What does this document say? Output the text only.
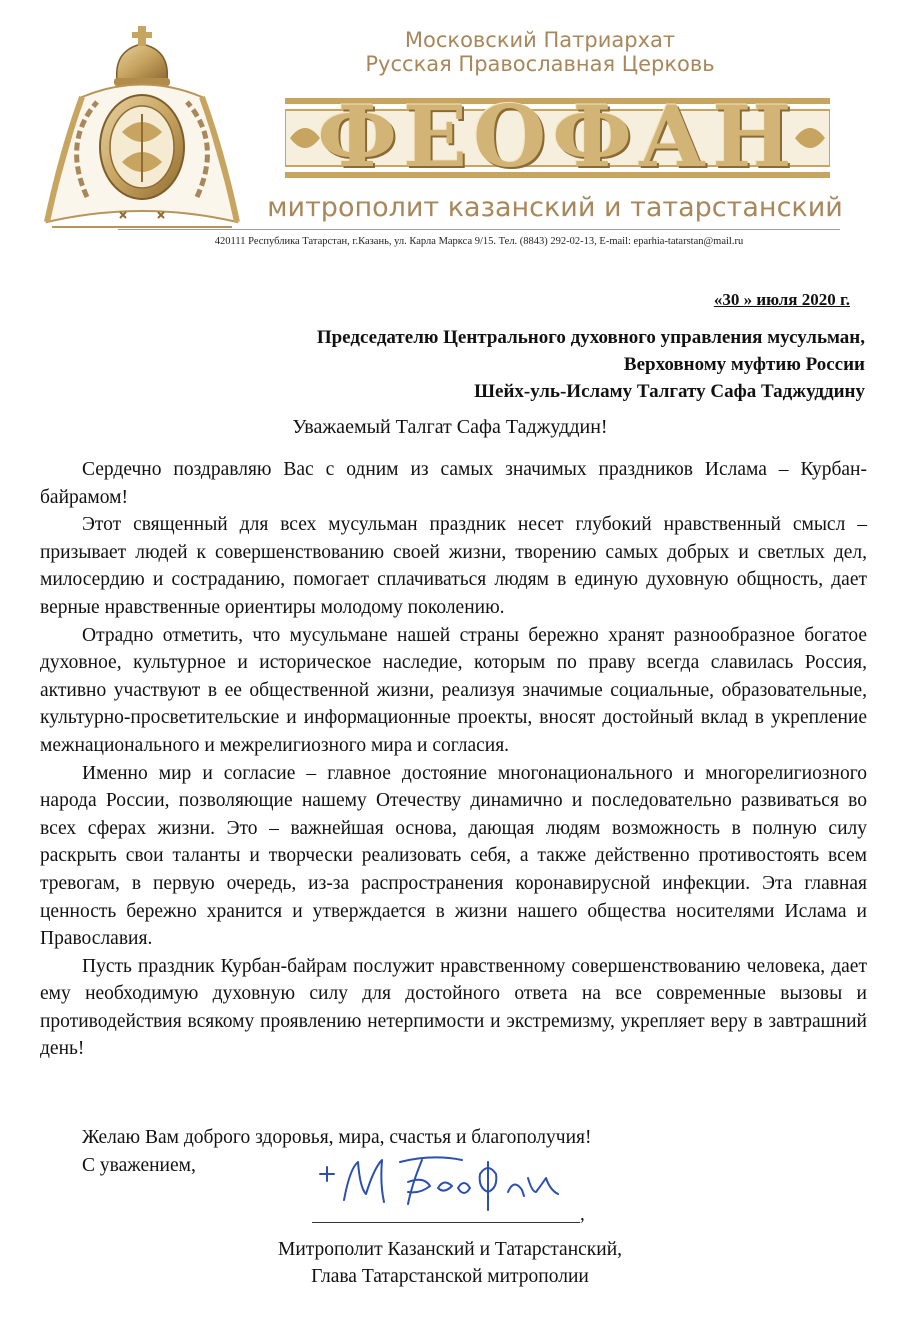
Московский Патриархат
Русская Православная Церковь
ФЕОФАН
митрополит казанский и татарстанский
420111 Республика Татарстан, г.Казань, ул. Карла Маркса 9/15. Тел. (8843) 292-02-13, E-mail: eparhia-tatarstan@mail.ru
«30 » июля 2020 г.
Председателю Центрального духовного управления мусульман,
Верховному муфтию России
Шейх-уль-Исламу Талгату Сафа Таджуддину
Уважаемый Талгат Сафа Таджуддин!

Сердечно поздравляю Вас с одним из самых значимых праздников Ислама – Курбан-байрамом!

Этот священный для всех мусульман праздник несет глубокий нравственный смысл – призывает людей к совершенствованию своей жизни, творению самых добрых и светлых дел, милосердию и состраданию, помогает сплачиваться людям в единую духовную общность, дает верные нравственные ориентиры молодому поколению.

Отрадно отметить, что мусульмане нашей страны бережно хранят разнообразное богатое духовное, культурное и историческое наследие, которым по праву всегда славилась Россия, активно участвуют в ее общественной жизни, реализуя значимые социальные, образовательные, культурно-просветительские и информационные проекты, вносят достойный вклад в укрепление межнационального и межрелигиозного мира и согласия.

Именно мир и согласие – главное достояние многонационального и многорелигиозного народа России, позволяющие нашему Отечеству динамично и последовательно развиваться во всех сферах жизни. Это – важнейшая основа, дающая людям возможность в полную силу раскрыть свои таланты и творчески реализовать себя, а также действенно противостоять всем тревогам, в первую очередь, из-за распространения коронавирусной инфекции. Эта главная ценность бережно хранится и утверждается в жизни нашего общества носителями Ислама и Православия.

Пусть праздник Курбан-байрам послужит нравственному совершенствованию человека, дает ему необходимую духовную силу для достойного ответа на все современные вызовы и противодействия всякому проявлению нетерпимости и экстремизму, укрепляет веру в завтрашний день!

Желаю Вам доброго здоровья, мира, счастья и благополучия!

С уважением,

,
Митрополит Казанский и Татарстанский,
Глава Татарстанской митрополии
